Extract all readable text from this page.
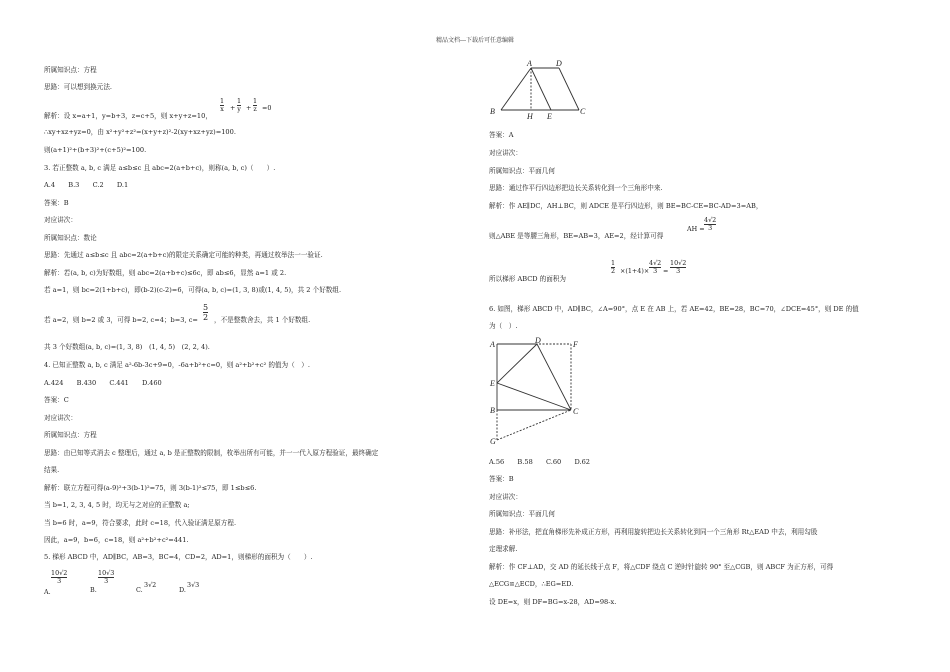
精品文档---下载后可任意编辑
所属知识点：方程
思路：可以想到换元法.
解析：设 x=a+1，y=b+3，z=c+5，则 x+y+z=10，
1
x +
1
y +
1
z =0
∴xy+xz+yz=0，由 x²+y²+z²=(x+y+z)²-2(xy+xz+yz)=100.
则(a+1)²+(b+3)²+(c+5)²=100.
3. 若正整数 a, b, c 满足 a≤b≤c 且 abc=2(a+b+c)，则称(a, b, c)（　　）.
A.4　　B.3　　C.2　　D.1
答案：B
对应讲次：
所属知识点：数论
思路：先通过 a≤b≤c 且 abc=2(a+b+c)的限定关系确定可能的种类，再通过枚举法一一验证.
解析：若(a, b, c)为好数组，则 abc=2(a+b+c)≤6c，即 ab≤6，显然 a=1 或 2.
若 a=1，则 bc=2(1+b+c)，即(b-2)(c-2)=6，可得(a, b, c)=(1, 3, 8)或(1, 4, 5)，共 2 个好数组.
若 a=2，则 b=2 或 3，可得 b=2, c=4；b=3, c=
5
2 ，不是整数舍去，共 1 个好数组.
共 3 个好数组(a, b, c)=(1, 3, 8)　(1, 4, 5)　(2, 2, 4).
4. 已知正整数 a, b, c 满足 a²-6b-3c+9=0，-6a+b²+c=0，则 a²+b²+c² 的值为（　）.
A.424　　B.430　　C.441　　D.460
答案：C
对应讲次：
所属知识点：方程
思路：由已知等式消去 c 整理后，通过 a, b 是正整数的限制，枚举出所有可能，并一一代入原方程验证，最终确定
结果.
解析：联立方程可得(a-9)²+3(b-1)²=75，则 3(b-1)²≤75，即 1≤b≤6.
当 b=1, 2, 3, 4, 5 时，均无与之对应的正整数 a;
当 b=6 时，a=9，符合要求，此时 c=18，代入验证满足原方程.
因此，a=9，b=6，c=18，则 a²+b²+c²=441.
5. 梯形 ABCD 中，AD∥BC，AB=3，BC=4，CD=2，AD=1，则梯形的面积为（　　）.
A.
10√2
3
B.
10√3
3
C.
3√2
D.
3√3
A	D
B
H E
C
答案：A
对应讲次：
所属知识点：平面几何
思路：通过作平行四边形把边长关系转化到一个三角形中来.
解析：作 AE∥DC，AH⊥BC，则 ADCE 是平行四边形，则 BE=BC-CE=BC-AD=3=AB，
则△ABE 是等腰三角形，BE=AB=3，AE=2，经计算可得
AH =
4√2
3
所以梯形 ABCD 的面积为
1
2 ×(1+4)×
4√2
3 =
10√2
3
6. 如图，梯形 ABCD 中，AD∥BC，∠A=90°，点 E 在 AB 上，若 AE=42，BE=28，BC=70，∠DCE=45°，则 DE 的值
为（　）.
A	D	F
E
B	C
G
A.56　　B.58　　C.60　　D.62
答案：B
对应讲次：
所属知识点：平面几何
思路：补形法，把直角梯形先补成正方形，再利用旋转把边长关系转化到同一个三角形 Rt△EAD 中去，利用勾股
定理求解.
解析：作 CF⊥AD，交 AD 的延长线于点 F，将△CDF 绕点 C 逆时针旋转 90° 至△CGB，则 ABCF 为正方形，可得
△ECG≌△ECD，∴EG=ED.
设 DE=x，则 DF=BG=x-28，AD=98-x.
